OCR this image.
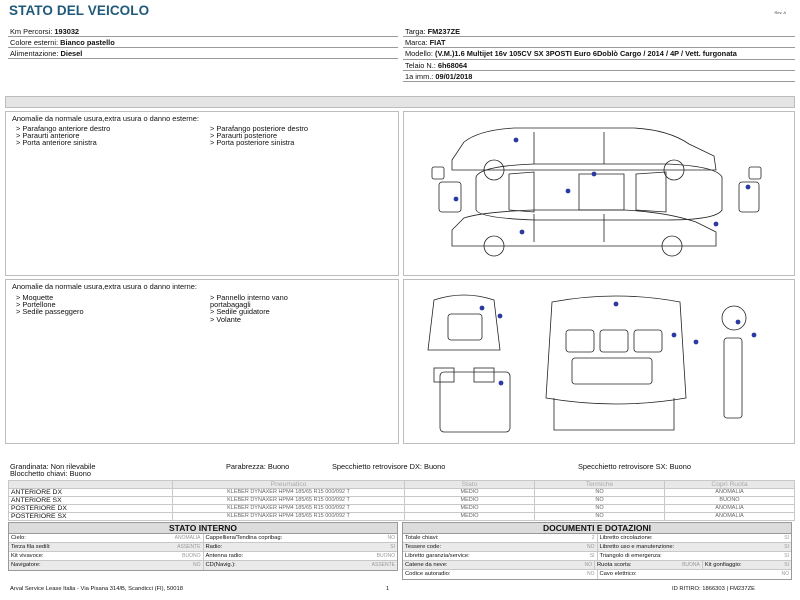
STATO DEL VEICOLO	Rev. A
Km Percorsi: 193032
Colore esterni: Bianco pastello
Alimentazione: Diesel
Targa: FM237ZE
Marca: FIAT
Modello: (V.M.)1.6 Multijet 16v 105CV SX 3POSTI Euro 6Doblò Cargo / 2014 / 4P / Vett. furgonata
Telaio N.: 6h68064
1a imm.: 09/01/2018
Anomalie da normale usura,extra usura o danno esterne:
> Parafango anteriore destro
> Paraurti anteriore
> Porta anteriore sinistra
> Parafango posteriore destro
> Paraurti posteriore
> Porta posteriore sinistra
Anomalie da normale usura,extra usura o danno interne:
> Moquette
> Portellone
> Sedile passeggero
> Pannello interno vano
portabagagli
> Sedile guidatore
> Volante
Grandinata: Non rilevabile	Parabrezza: Buono	Specchietto retrovisore DX: Buono	Specchietto retrovisore SX: Buono
Blocchetto chiavi: Buono
	Pneumatico	Stato	Termiche	Copri Ruota
ANTERIORE DX	KLEBER DYNAXER HPM4 185/65 R15 000/092 T	MEDIO	NO	ANOMALIA
ANTERIORE SX	KLEBER DYNAXER HPM4 185/65 R15 000/092 T	MEDIO	NO	BUONO
POSTERIORE DX	KLEBER DYNAXER HPM4 185/65 R15 000/092 T	MEDIO	NO	ANOMALIA
POSTERIORE SX	KLEBER DYNAXER HPM4 185/65 R15 000/092 T	MEDIO	NO	ANOMALIA
STATO INTERNO
Cielo:	ANOMALIA Cappelliera/Tendina copribag:	NO
Terza fila sedili:	ASSENTE Radio:	SI
Kit vivavoce:	BUONO Antenna radio:	BUONO
Navigatore:	NO CD(Navig.):	ASSENTE
DOCUMENTI E DOTAZIONI
Totale chiavi:	2 Libretto circolazione:	SI
Tessere code:	NO Libretto uso e manutenzione:	SI
Libretto garanzia/service:	SI Triangolo di emergenza:	SI
Catene da neve:	NO Ruota scorta:	BUONA Kit gonfiaggio:	SI
Codice autoradio:	NO Cavo elettrico:	NO
Arval Service Lease Italia - Via Pisana 314/B, Scandicci (FI), 50018	1	ID RITIRO: 1866303 | FM237ZE
